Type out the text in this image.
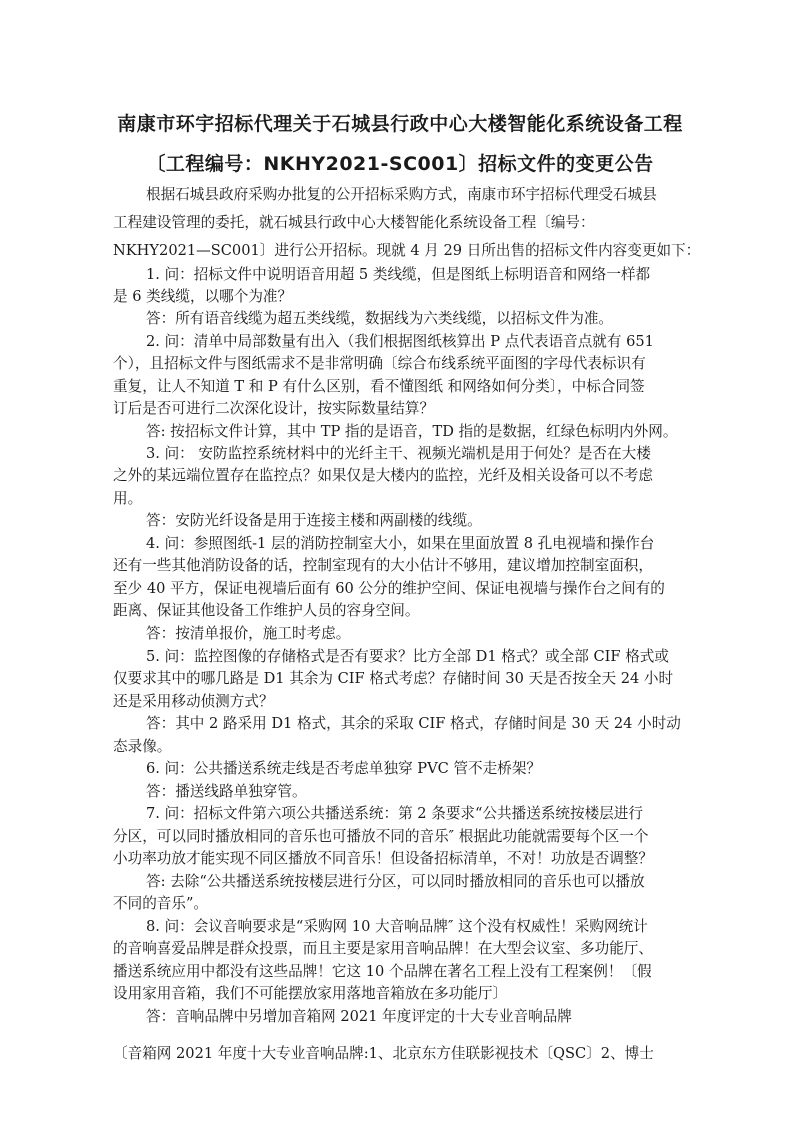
南康市环宇招标代理关于石城县行政中心大楼智能化系统设备工程
〔工程编号：NKHY2021-SC001〕招标文件的变更公告
根据石城县政府采购办批复的公开招标采购方式，南康市环宇招标代理受石城县
工程建设管理的委托，就石城县行政中心大楼智能化系统设备工程〔编号：
NKHY2021—SC001〕进行公开招标。现就 4 月 29 日所出售的招标文件内容变更如下：
1. 问：招标文件中说明语音用超 5 类线缆，但是图纸上标明语音和网络一样都
是 6 类线缆，以哪个为准？
答：所有语音线缆为超五类线缆，数据线为六类线缆，以招标文件为准。
2. 问：清单中局部数量有出入（我们根据图纸核算出 P 点代表语音点就有 651
个），且招标文件与图纸需求不是非常明确〔综合布线系统平面图的字母代表标识有
重复，让人不知道 T 和 P 有什么区别，看不懂图纸 和网络如何分类〕，中标合同签
订后是否可进行二次深化设计，按实际数量结算？
答: 按招标文件计算，其中 TP 指的是语音，TD 指的是数据，红绿色标明内外网。
3. 问： 安防监控系统材料中的光纤主干、视频光端机是用于何处？是否在大楼
之外的某远端位置存在监控点？如果仅是大楼内的监控，光纤及相关设备可以不考虑
用。
答：安防光纤设备是用于连接主楼和两副楼的线缆。
4. 问：参照图纸-1 层的消防控制室大小，如果在里面放置 8 孔电视墙和操作台
还有一些其他消防设备的话，控制室现有的大小估计不够用，建议增加控制室面积，
至少 40 平方，保证电视墙后面有 60 公分的维护空间、保证电视墙与操作台之间有的
距离、保证其他设备工作维护人员的容身空间。
答：按清单报价，施工时考虑。
5. 问：监控图像的存储格式是否有要求？比方全部 D1 格式？或全部 CIF 格式或
仅要求其中的哪几路是 D1 其余为 CIF 格式考虑？存储时间 30 天是否按全天 24 小时
还是采用移动侦测方式？
答：其中 2 路采用 D1 格式，其余的采取 CIF 格式，存储时间是 30 天 24 小时动
态录像。
6. 问：公共播送系统走线是否考虑单独穿 PVC 管不走桥架？
答：播送线路单独穿管。
7. 问：招标文件第六项公共播送系统：第 2 条要求“公共播送系统按楼层进行
分区，可以同时播放相同的音乐也可播放不同的音乐″ 根据此功能就需要每个区一个
小功率功放才能实现不同区播放不同音乐！但设备招标清单，不对！功放是否调整？
答: 去除“公共播送系统按楼层进行分区，可以同时播放相同的音乐也可以播放
不同的音乐”。
8. 问：会议音响要求是“采购网 10 大音响品牌″ 这个没有权威性！采购网统计
的音响喜爱品牌是群众投票，而且主要是家用音响品牌！在大型会议室、多功能厅、
播送系统应用中都没有这些品牌！它这 10 个品牌在著名工程上没有工程案例！〔假
设用家用音箱，我们不可能摆放家用落地音箱放在多功能厅〕
答：音响品牌中另增加音箱网 2021 年度评定的十大专业音响品牌
〔音箱网 2021 年度十大专业音响品牌:1、北京东方佳联影视技术〔QSC〕2、博士
